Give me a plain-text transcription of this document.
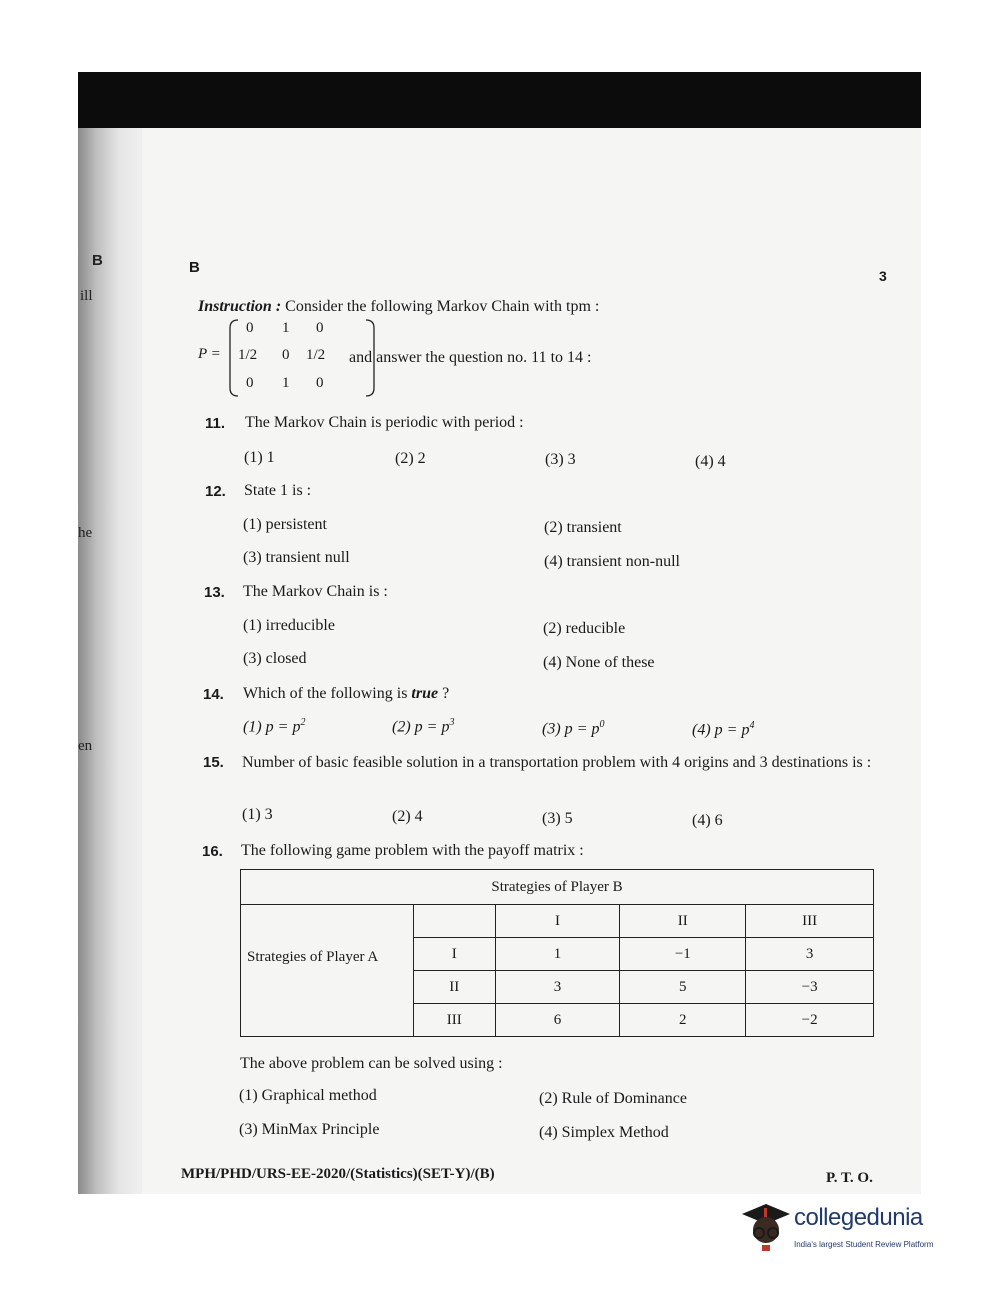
B
ill
he
en
B	3
Instruction : Consider the following Markov Chain with tpm :
P =
0 1 0
1/2 0 1/2
0 1 0
and answer the question no. 11 to 14 :
11. The Markov Chain is periodic with period :
(1) 1	(2) 2	(3) 3	(4) 4
12. State 1 is :
(1) persistent	(2) transient
(3) transient null	(4) transient non-null
13. The Markov Chain is :
(1) irreducible	(2) reducible
(3) closed	(4) None of these
14. Which of the following is true ?
(1) $p = p^2$	(2) $p = p^3$	(3) $p = p^0$	(4) $p = p^4$
15. Number of basic feasible solution in a transportation problem with 4 origins and 3 destinations is :
(1) 3	(2) 4	(3) 5	(4) 6
16. The following game problem with the payoff matrix :
Strategies of Player B				
Strategies of Player A		I	II	III
	I	1	−1	3
	II	3	5	−3
	III	6	2	−2
The above problem can be solved using :
(1) Graphical method	(2) Rule of Dominance
(3) MinMax Principle	(4) Simplex Method
MPH/PHD/URS-EE-2020/(Statistics)(SET-Y)/(B)	P. T. O.
collegedunia
India's largest Student Review Platform
